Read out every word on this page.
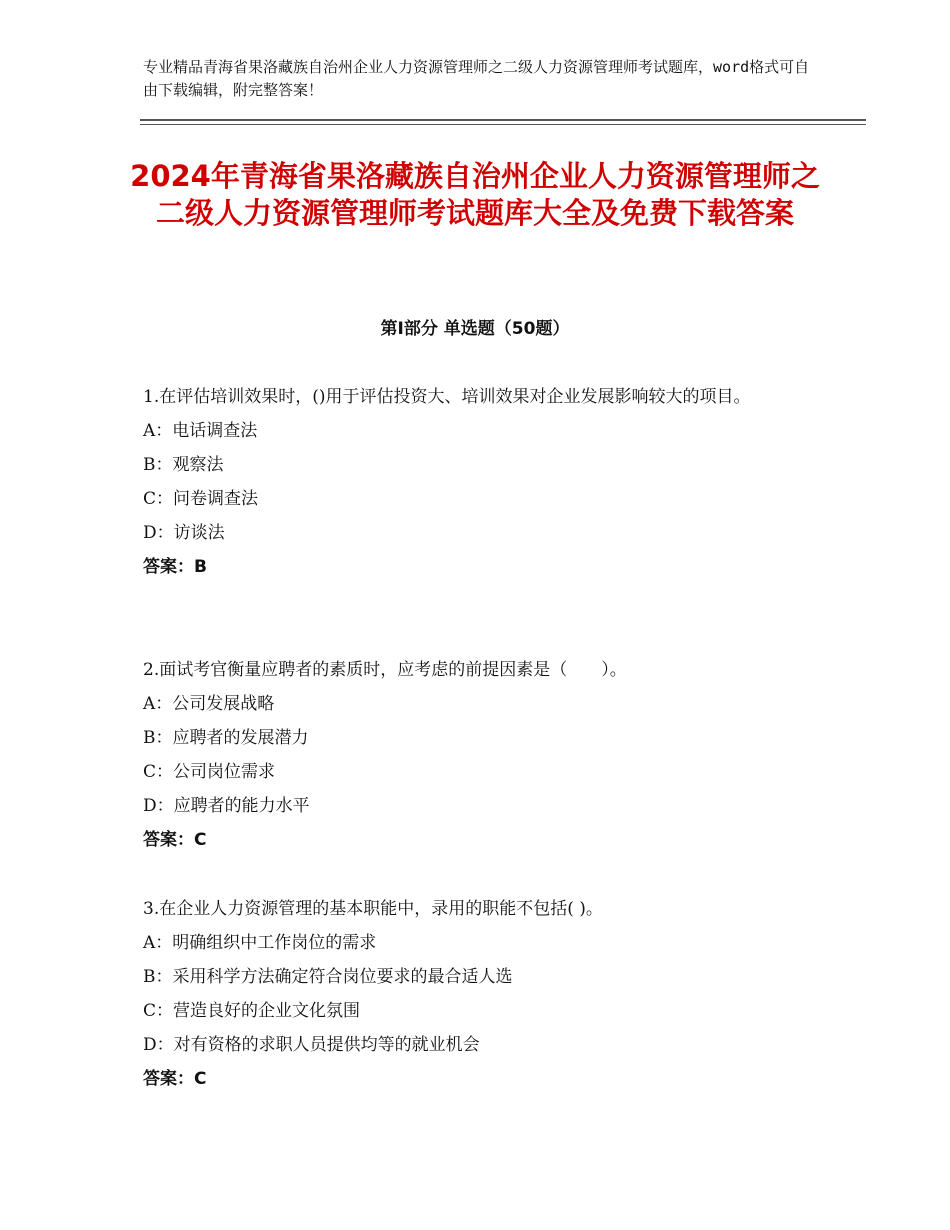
专业精品青海省果洛藏族自治州企业人力资源管理师之二级人力资源管理师考试题库，word格式可自由下载编辑，附完整答案！
2024年青海省果洛藏族自治州企业人力资源管理师之二级人力资源管理师考试题库大全及免费下载答案
第Ⅰ部分 单选题（50题）
1.在评估培训效果时，()用于评估投资大、培训效果对企业发展影响较大的项目。
A：电话调查法
B：观察法
C：问卷调查法
D：访谈法
答案：B
2.面试考官衡量应聘者的素质时，应考虑的前提因素是（　　）。
A：公司发展战略
B：应聘者的发展潜力
C：公司岗位需求
D：应聘者的能力水平
答案：C
3.在企业人力资源管理的基本职能中，录用的职能不包括( )。
A：明确组织中工作岗位的需求
B：采用科学方法确定符合岗位要求的最合适人选
C：营造良好的企业文化氛围
D：对有资格的求职人员提供均等的就业机会
答案：C
